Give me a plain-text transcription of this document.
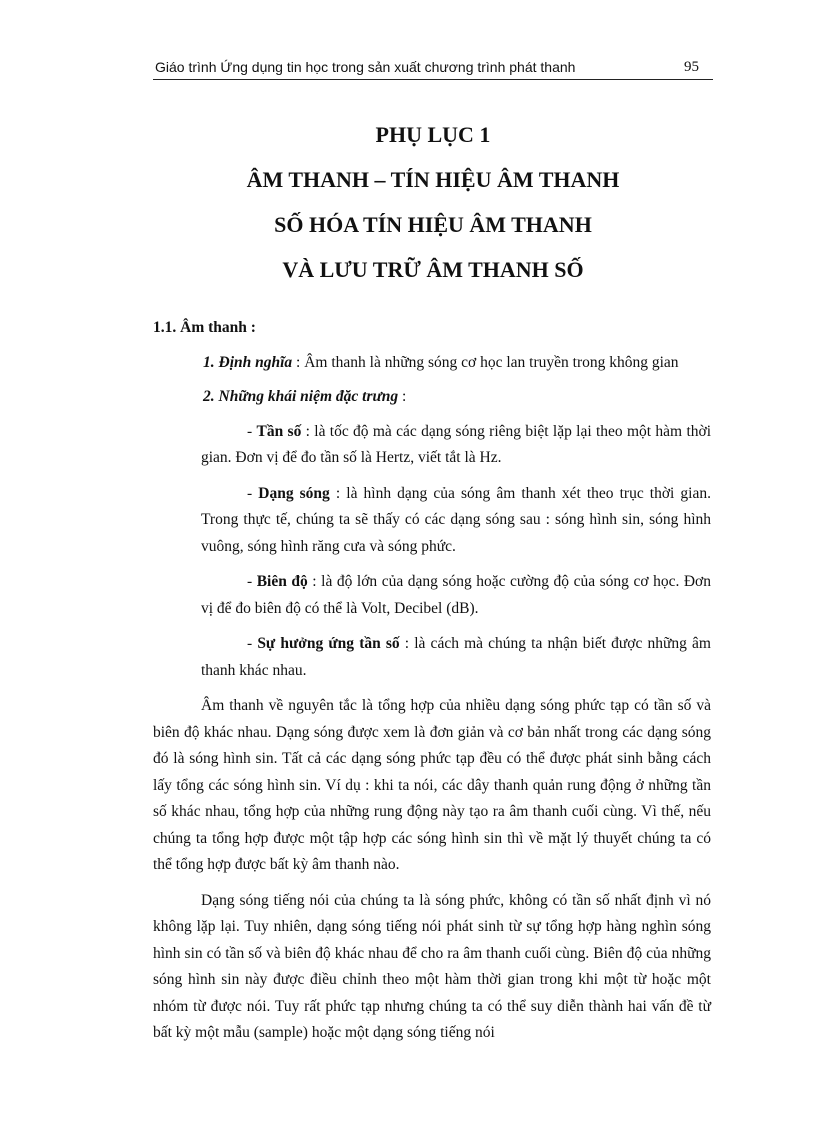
Giáo trình Ứng dụng tin học trong sản xuất chương trình phát thanh	95
PHỤ LỤC 1
ÂM THANH – TÍN HIỆU ÂM THANH
SỐ HÓA TÍN HIỆU ÂM THANH
VÀ LƯU TRỮ ÂM THANH SỐ
1.1. Âm thanh :
1. Định nghĩa : Âm thanh là những sóng cơ học lan truyền trong không gian
2. Những khái niệm đặc trưng :
- Tần số : là tốc độ mà các dạng sóng riêng biệt lặp lại theo một hàm thời gian. Đơn vị để đo tần số là Hertz, viết tắt là Hz.
- Dạng sóng : là hình dạng của sóng âm thanh xét theo trục thời gian. Trong thực tế, chúng ta sẽ thấy có các dạng sóng sau : sóng hình sin, sóng hình vuông, sóng hình răng cưa và sóng phức.
- Biên độ : là độ lớn của dạng sóng hoặc cường độ của sóng cơ học. Đơn vị để đo biên độ có thể là Volt, Decibel (dB).
- Sự hưởng ứng tần số : là cách mà chúng ta nhận biết được những âm thanh khác nhau.

Âm thanh về nguyên tắc là tổng hợp của nhiều dạng sóng phức tạp có tần số và biên độ khác nhau. Dạng sóng được xem là đơn giản và cơ bản nhất trong các dạng sóng đó là sóng hình sin. Tất cả các dạng sóng phức tạp đều có thể được phát sinh bằng cách lấy tổng các sóng hình sin. Ví dụ : khi ta nói, các dây thanh quản rung động ở những tần số khác nhau, tổng hợp của những rung động này tạo ra âm thanh cuối cùng. Vì thế, nếu chúng ta tổng hợp được một tập hợp các sóng hình sin thì về mặt lý thuyết chúng ta có thể tổng hợp được bất kỳ âm thanh nào.

Dạng sóng tiếng nói của chúng ta là sóng phức, không có tần số nhất định vì nó không lặp lại. Tuy nhiên, dạng sóng tiếng nói phát sinh từ sự tổng hợp hàng nghìn sóng hình sin có tần số và biên độ khác nhau để cho ra âm thanh cuối cùng. Biên độ của những sóng hình sin này được điều chỉnh theo một hàm thời gian trong khi một từ hoặc một nhóm từ được nói. Tuy rất phức tạp nhưng chúng ta có thể suy diễn thành hai vấn đề từ bất kỳ một mẫu (sample) hoặc một dạng sóng tiếng nói
